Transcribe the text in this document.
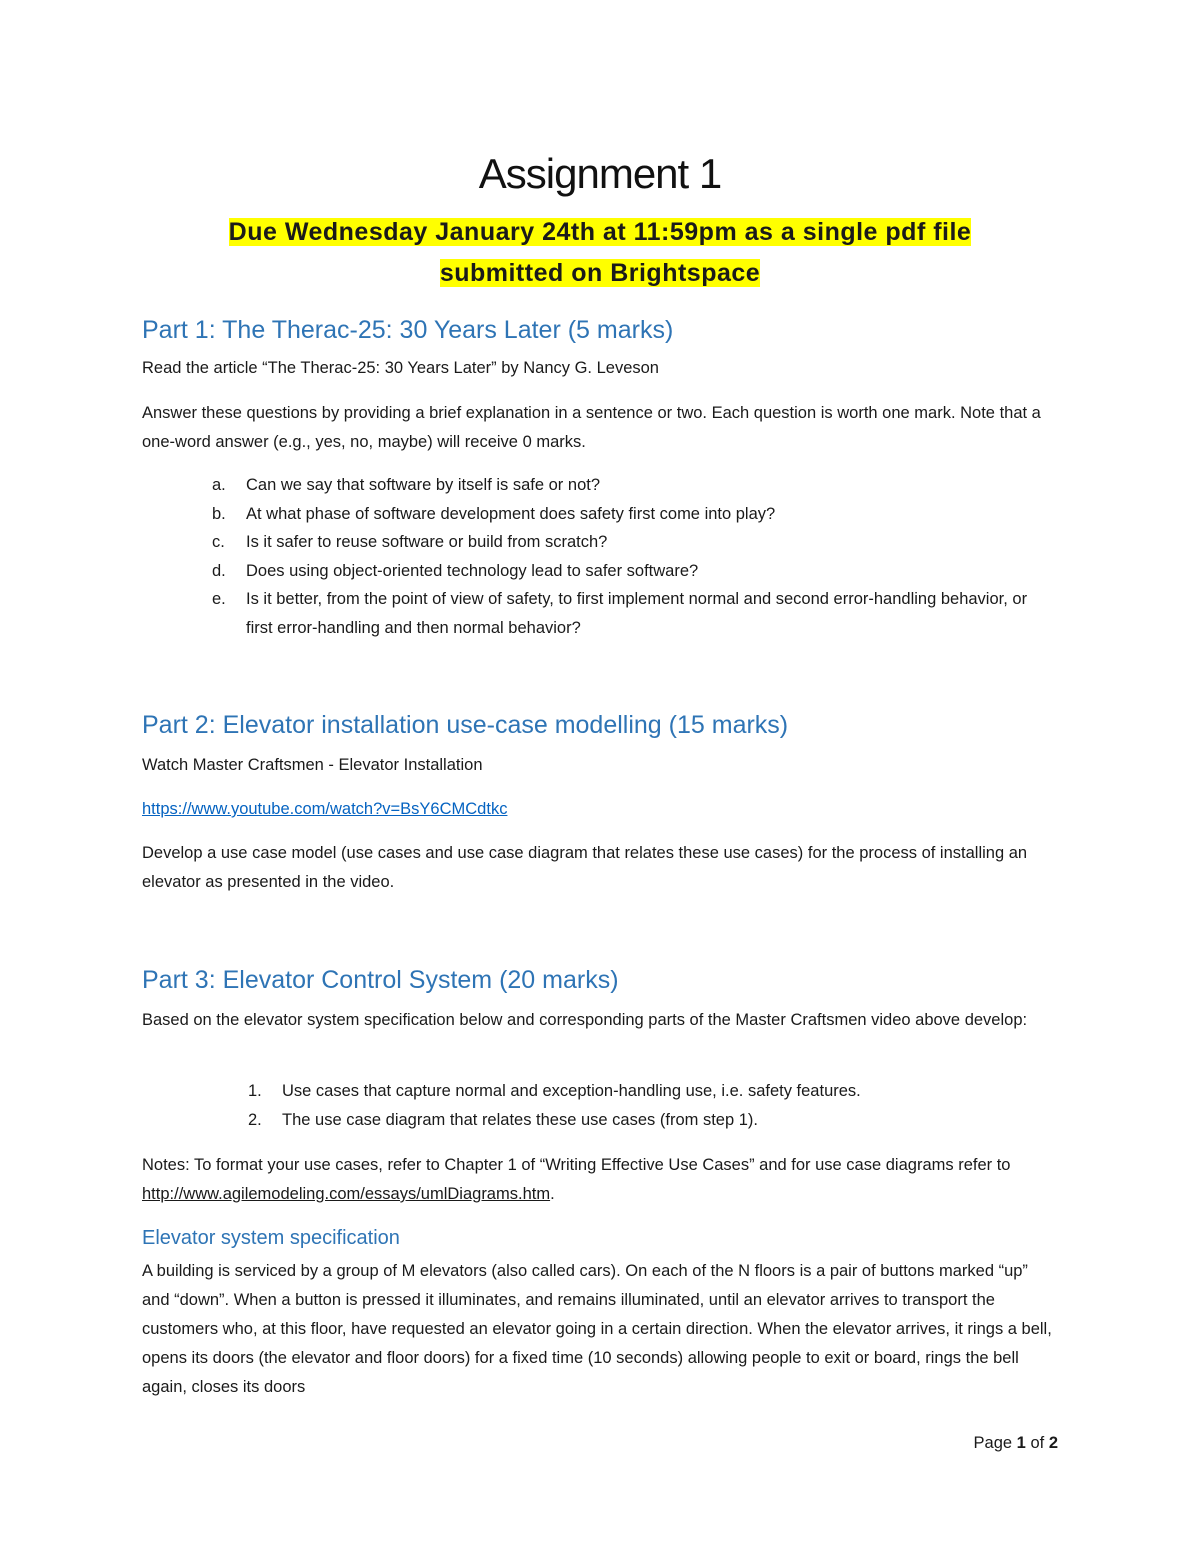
Assignment 1
Due Wednesday January 24th at 11:59pm as a single pdf file
submitted on Brightspace
Part 1: The Therac-25: 30 Years Later (5 marks)

Read the article “The Therac-25: 30 Years Later” by Nancy G. Leveson

Answer these questions by providing a brief explanation in a sentence or two. Each question is worth one mark. Note that a one-word answer (e.g., yes, no, maybe) will receive 0 marks.

a. Can we say that software by itself is safe or not?
b. At what phase of software development does safety first come into play?
c. Is it safer to reuse software or build from scratch?
d. Does using object-oriented technology lead to safer software?
e. Is it better, from the point of view of safety, to first implement normal and second error-handling behavior, or first error-handling and then normal behavior?
Part 2: Elevator installation use-case modelling (15 marks)

Watch Master Craftsmen - Elevator Installation

https://www.youtube.com/watch?v=BsY6CMCdtkc

Develop a use case model (use cases and use case diagram that relates these use cases) for the process of installing an elevator as presented in the video.

Part 3: Elevator Control System (20 marks)

Based on the elevator system specification below and corresponding parts of the Master Craftsmen video above develop:

1. Use cases that capture normal and exception-handling use, i.e. safety features.
2. The use case diagram that relates these use cases (from step 1).

Notes: To format your use cases, refer to Chapter 1 of “Writing Effective Use Cases” and for use case diagrams refer to http://www.agilemodeling.com/essays/umlDiagrams.htm.

Elevator system specification

A building is serviced by a group of M elevators (also called cars). On each of the N floors is a pair of buttons marked “up” and “down”. When a button is pressed it illuminates, and remains illuminated, until an elevator arrives to transport the customers who, at this floor, have requested an elevator going in a certain direction. When the elevator arrives, it rings a bell, opens its doors (the elevator and floor doors) for a fixed time (10 seconds) allowing people to exit or board, rings the bell again, closes its doors

Page 1 of 2
